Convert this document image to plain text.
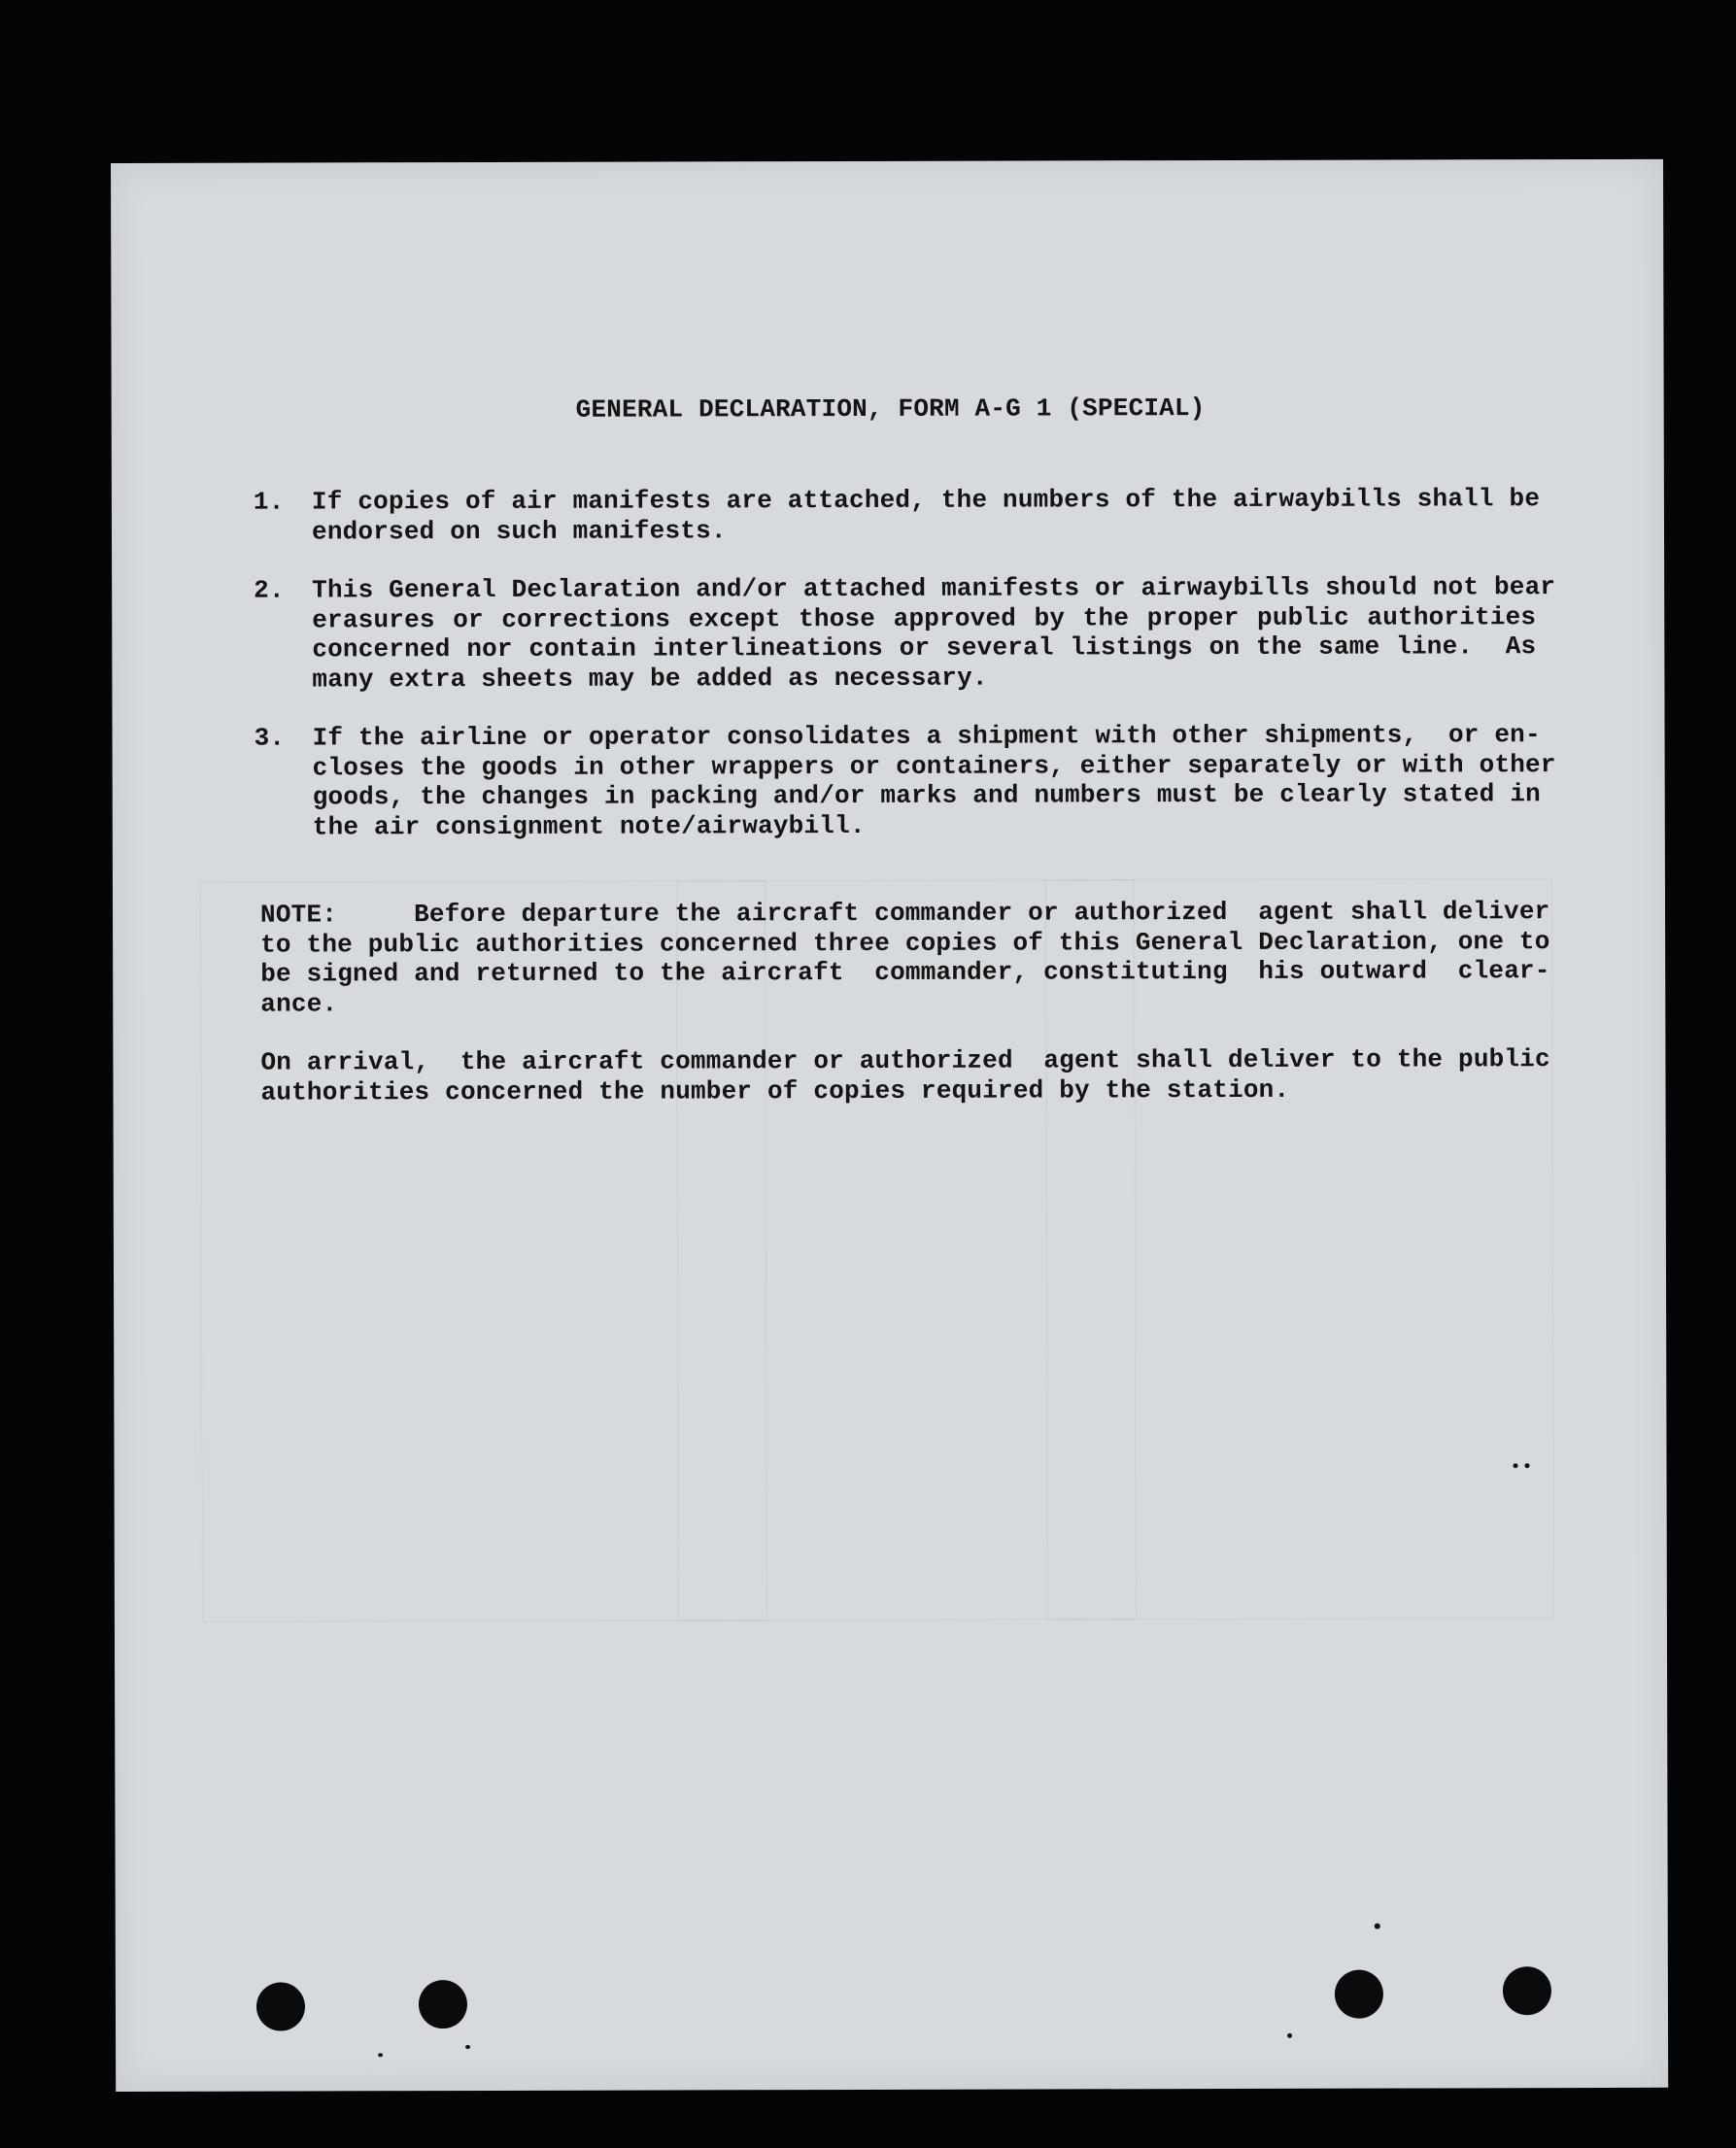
GENERAL DECLARATION, FORM A-G 1 (SPECIAL)
1.	If copies of air manifests are attached, the numbers of the airwaybills shall be
endorsed on such manifests.
2.	This General Declaration and/or attached manifests or airwaybills should not bear
erasures or corrections except those approved by the proper public authorities
concerned nor contain interlineations or several listings on the same line.  As
many extra sheets may be added as necessary.
3.	If the airline or operator consolidates a shipment with other shipments,  or en-
closes the goods in other wrappers or containers, either separately or with other
goods, the changes in packing and/or marks and numbers must be clearly stated in
the air consignment note/airwaybill.
NOTE:     Before departure the aircraft commander or authorized  agent shall deliver
to the public authorities concerned three copies of this General Declaration, one to
be signed and returned to the aircraft  commander, constituting  his outward  clear-
ance.
On arrival,  the aircraft commander or authorized  agent shall deliver to the public
authorities concerned the number of copies required by the station.
